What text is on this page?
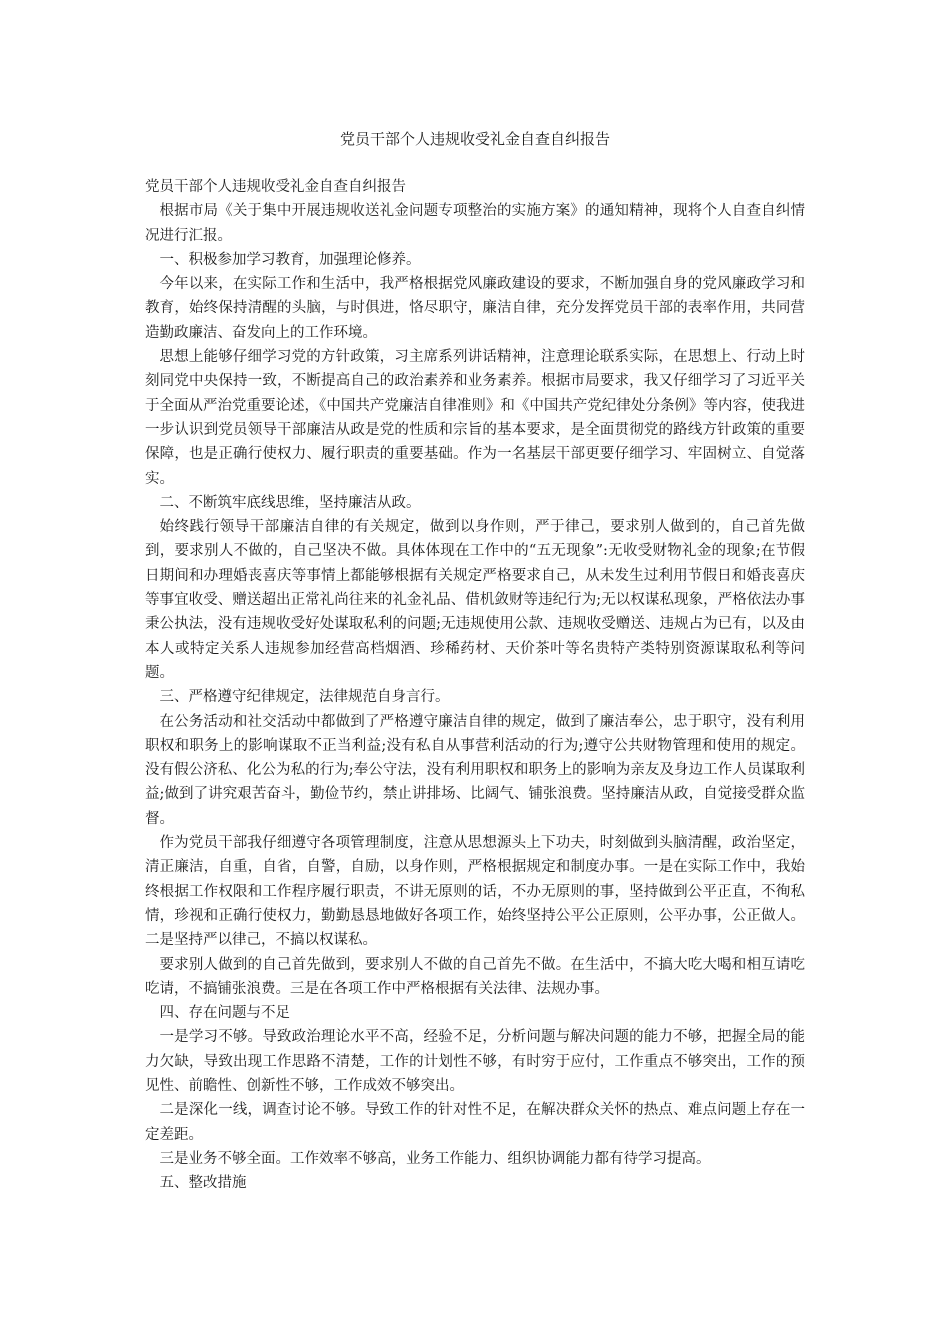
党员干部个人违规收受礼金自查自纠报告

党员干部个人违规收受礼金自查自纠报告

根据市局《关于集中开展违规收送礼金问题专项整治的实施方案》的通知精神，现将个人自查自纠情况进行汇报。

一、积极参加学习教育，加强理论修养。

今年以来，在实际工作和生活中，我严格根据党风廉政建设的要求，不断加强自身的党风廉政学习和教育，始终保持清醒的头脑，与时俱进，恪尽职守，廉洁自律，充分发挥党员干部的表率作用，共同营造勤政廉洁、奋发向上的工作环境。

思想上能够仔细学习党的方针政策，习主席系列讲话精神，注意理论联系实际，在思想上、行动上时刻同党中央保持一致，不断提高自己的政治素养和业务素养。根据市局要求，我又仔细学习了习近平关于全面从严治党重要论述，《中国共产党廉洁自律准则》和《中国共产党纪律处分条例》等内容，使我进一步认识到党员领导干部廉洁从政是党的性质和宗旨的基本要求，是全面贯彻党的路线方针政策的重要保障，也是正确行使权力、履行职责的重要基础。作为一名基层干部更要仔细学习、牢固树立、自觉落实。

二、不断筑牢底线思维，坚持廉洁从政。

始终践行领导干部廉洁自律的有关规定，做到以身作则，严于律己，要求别人做到的，自己首先做到，要求别人不做的，自己坚决不做。具体体现在工作中的“五无现象”:无收受财物礼金的现象;在节假日期间和办理婚丧喜庆等事情上都能够根据有关规定严格要求自己，从未发生过利用节假日和婚丧喜庆等事宜收受、赠送超出正常礼尚往来的礼金礼品、借机敛财等违纪行为;无以权谋私现象，严格依法办事秉公执法，没有违规收受好处谋取私利的问题;无违规使用公款、违规收受赠送、违规占为已有，以及由本人或特定关系人违规参加经营高档烟酒、珍稀药材、天价茶叶等名贵特产类特别资源谋取私利等问题。

三、严格遵守纪律规定，法律规范自身言行。

在公务活动和社交活动中都做到了严格遵守廉洁自律的规定，做到了廉洁奉公，忠于职守，没有利用职权和职务上的影响谋取不正当利益;没有私自从事营利活动的行为;遵守公共财物管理和使用的规定。没有假公济私、化公为私的行为;奉公守法，没有利用职权和职务上的影响为亲友及身边工作人员谋取利益;做到了讲究艰苦奋斗，勤俭节约，禁止讲排场、比阔气、铺张浪费。坚持廉洁从政，自觉接受群众监督。

作为党员干部我仔细遵守各项管理制度，注意从思想源头上下功夫，时刻做到头脑清醒，政治坚定，清正廉洁，自重，自省，自警，自励，以身作则，严格根据规定和制度办事。一是在实际工作中，我始终根据工作权限和工作程序履行职责，不讲无原则的话，不办无原则的事，坚持做到公平正直，不徇私情，珍视和正确行使权力，勤勤恳恳地做好各项工作，始终坚持公平公正原则，公平办事，公正做人。二是坚持严以律己，不搞以权谋私。

要求别人做到的自己首先做到，要求别人不做的自己首先不做。在生活中，不搞大吃大喝和相互请吃吃请，不搞铺张浪费。三是在各项工作中严格根据有关法律、法规办事。

四、存在问题与不足

一是学习不够。导致政治理论水平不高，经验不足，分析问题与解决问题的能力不够，把握全局的能力欠缺，导致出现工作思路不清楚，工作的计划性不够，有时穷于应付，工作重点不够突出，工作的预见性、前瞻性、创新性不够，工作成效不够突出。

二是深化一线，调查讨论不够。导致工作的针对性不足，在解决群众关怀的热点、难点问题上存在一定差距。

三是业务不够全面。工作效率不够高，业务工作能力、组织协调能力都有待学习提高。

五、整改措施
